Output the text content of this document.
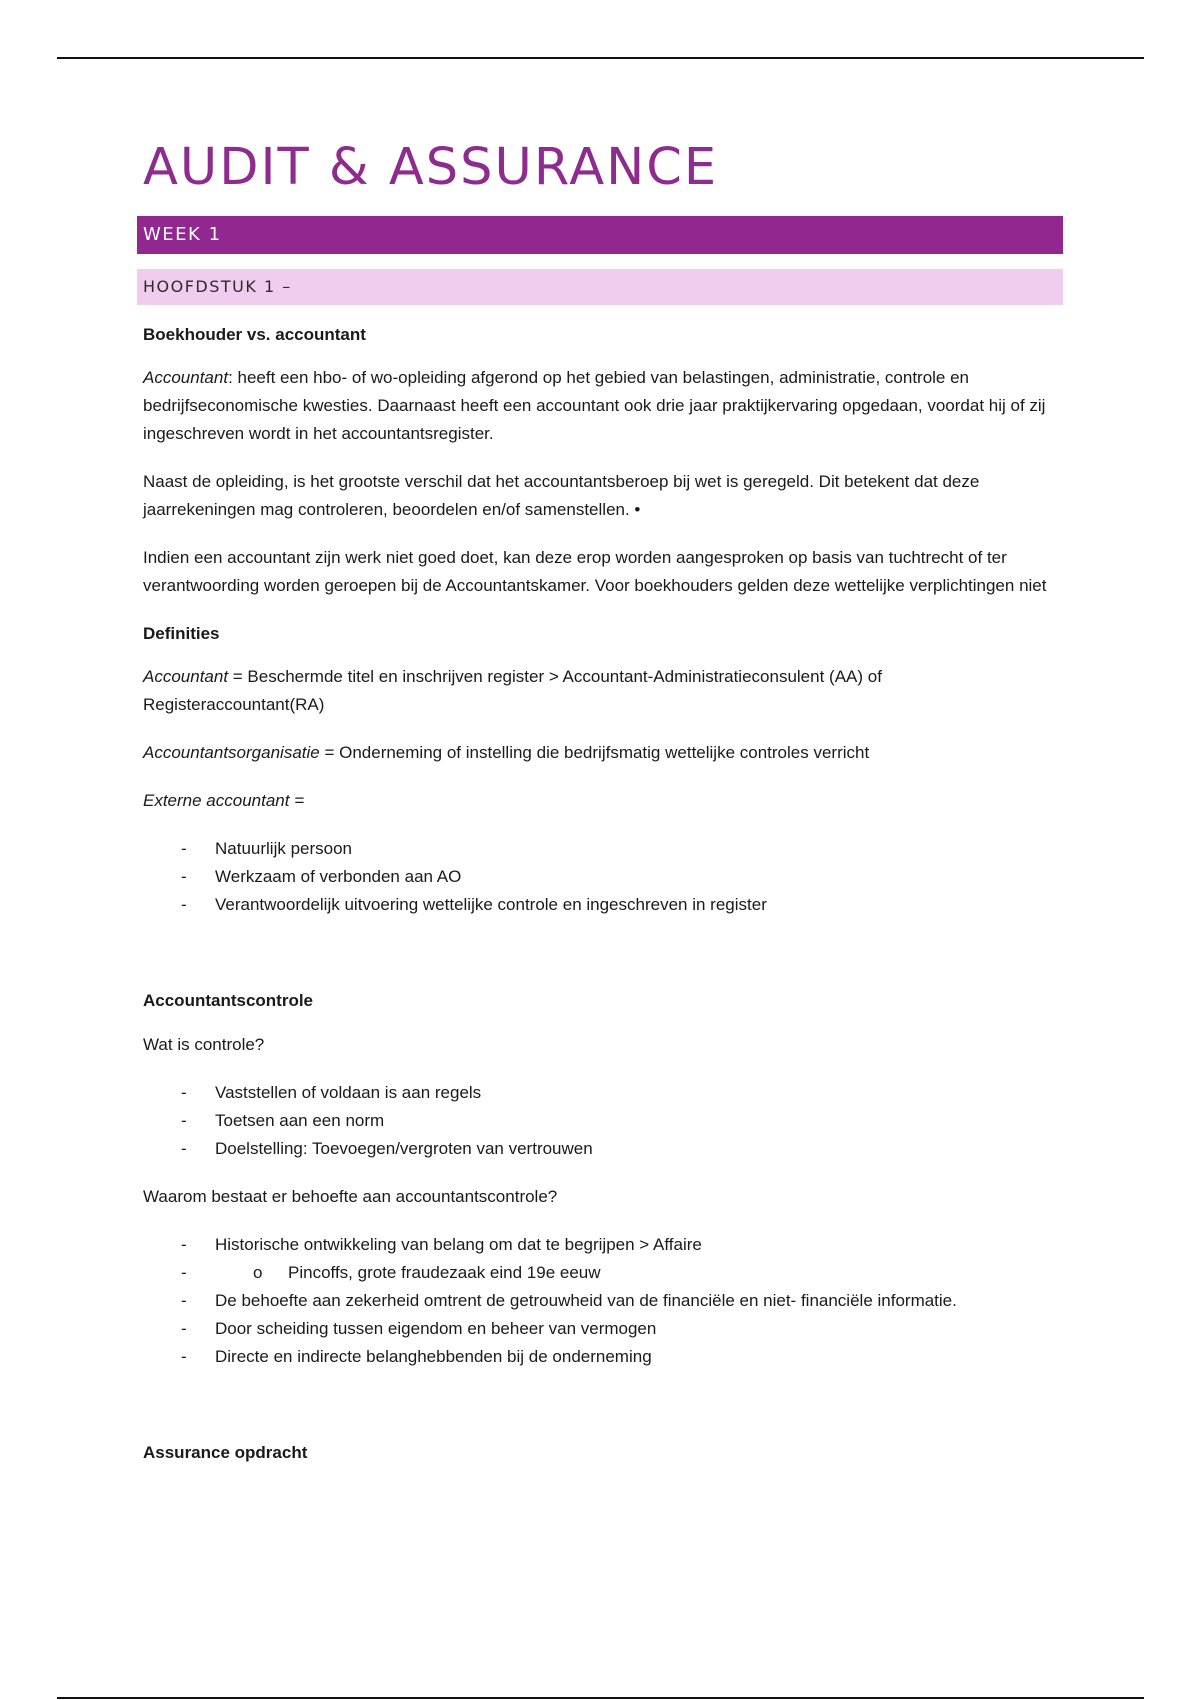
AUDIT & ASSURANCE
WEEK 1
HOOFDSTUK 1 –
Boekhouder vs. accountant

Accountant: heeft een hbo- of wo-opleiding afgerond op het gebied van belastingen, administratie, controle en bedrijfseconomische kwesties. Daarnaast heeft een accountant ook drie jaar praktijkervaring opgedaan, voordat hij of zij ingeschreven wordt in het accountantsregister.

Naast de opleiding, is het grootste verschil dat het accountantsberoep bij wet is geregeld. Dit betekent dat deze jaarrekeningen mag controleren, beoordelen en/of samenstellen. •

Indien een accountant zijn werk niet goed doet, kan deze erop worden aangesproken op basis van tuchtrecht of ter verantwoording worden geroepen bij de Accountantskamer. Voor boekhouders gelden deze wettelijke verplichtingen niet

Definities

Accountant = Beschermde titel en inschrijven register > Accountant-Administratieconsulent (AA) of Registeraccountant(RA)

Accountantsorganisatie = Onderneming of instelling die bedrijfsmatig wettelijke controles verricht

Externe accountant =

- Natuurlijk persoon
- Werkzaam of verbonden aan AO
- Verantwoordelijk uitvoering wettelijke controle en ingeschreven in register
Accountantscontrole

Wat is controle?

- Vaststellen of voldaan is aan regels
- Toetsen aan een norm
- Doelstelling: Toevoegen/vergroten van vertrouwen

Waarom bestaat er behoefte aan accountantscontrole?

- Historische ontwikkeling van belang om dat te begrijpen > Affaire
- o Pincoffs, grote fraudezaak eind 19e eeuw
- De behoefte aan zekerheid omtrent de getrouwheid van de financiële en niet- financiële informatie.
- Door scheiding tussen eigendom en beheer van vermogen
- Directe en indirecte belanghebbenden bij de onderneming
Assurance opdracht
